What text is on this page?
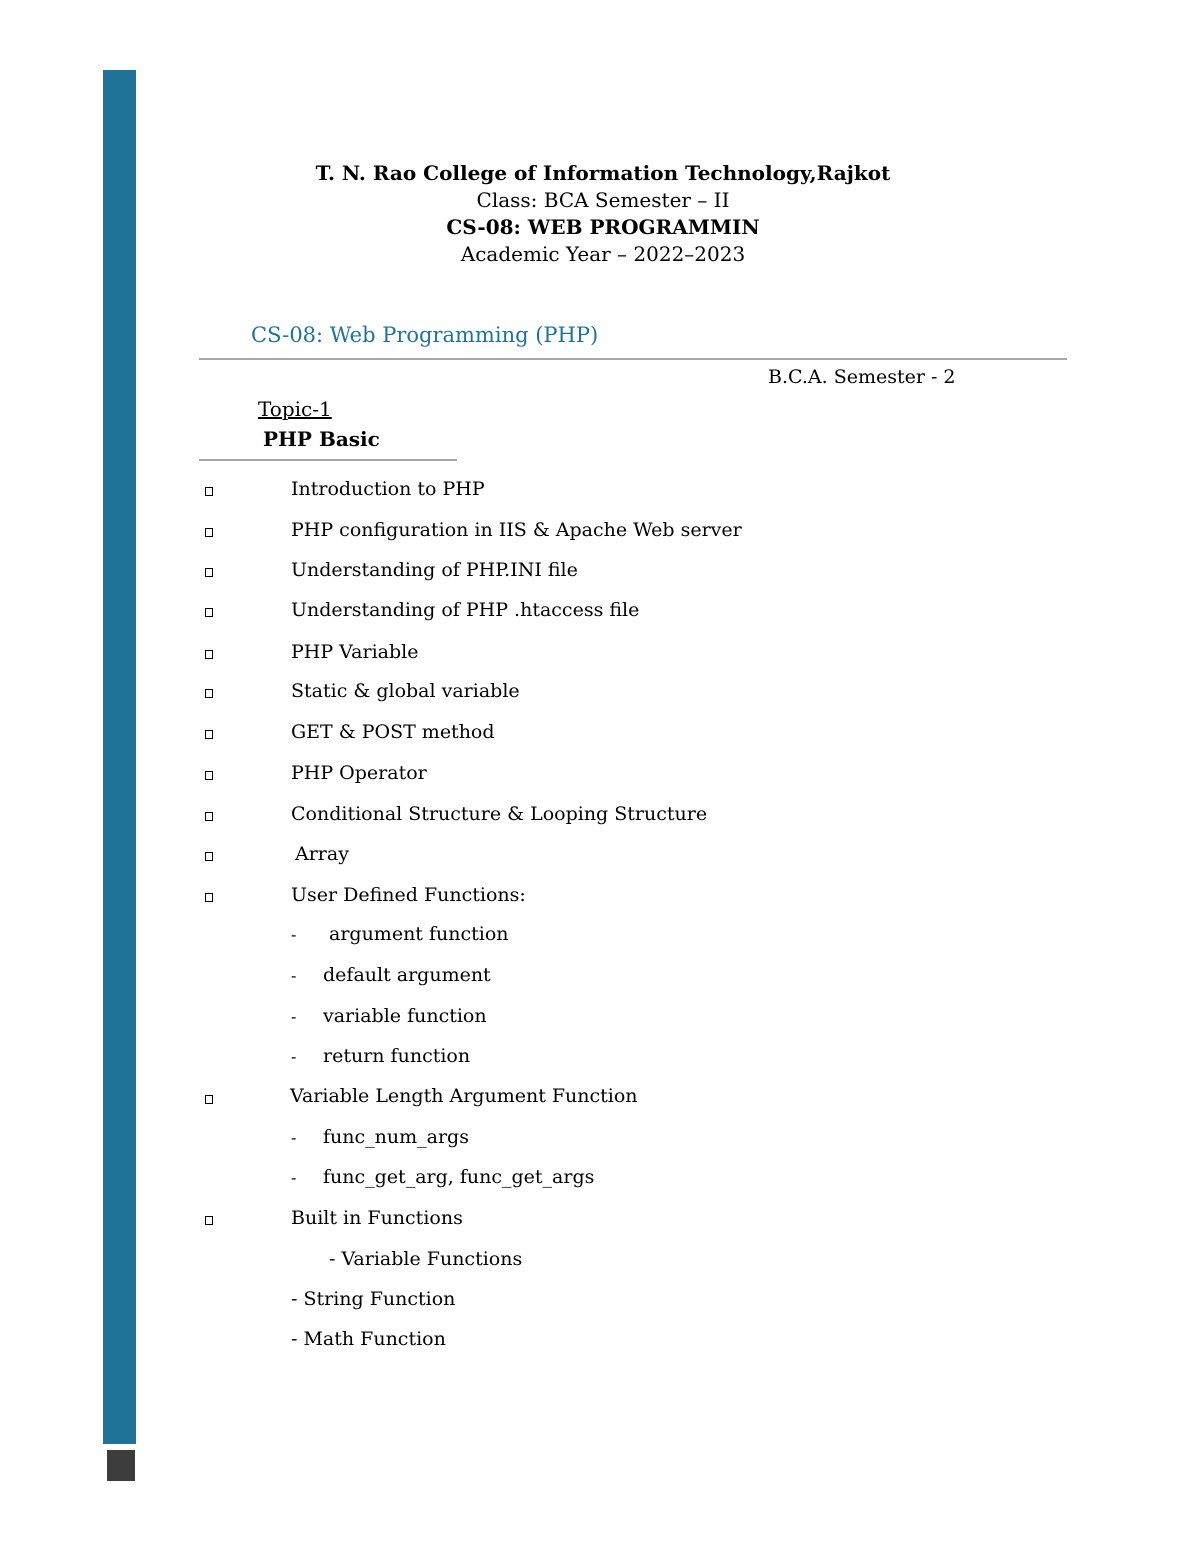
T. N. Rao College of Information Technology,Rajkot
Class: BCA Semester – II
CS-08: WEB PROGRAMMIN
Academic Year – 2022–2023
CS-08: Web Programming (PHP)
B.C.A. Semester - 2
Topic-1
PHP Basic
Introduction to PHP
PHP configuration in IIS & Apache Web server
Understanding of PHP.INI file
Understanding of PHP .htaccess file
PHP Variable
Static & global variable
GET & POST method
PHP Operator
Conditional Structure & Looping Structure
Array
User Defined Functions:
- argument function
- default argument
- variable function
- return function
Variable Length Argument Function
- func_num_args
- func_get_arg, func_get_args
Built in Functions
- Variable Functions
- String Function
- Math Function
